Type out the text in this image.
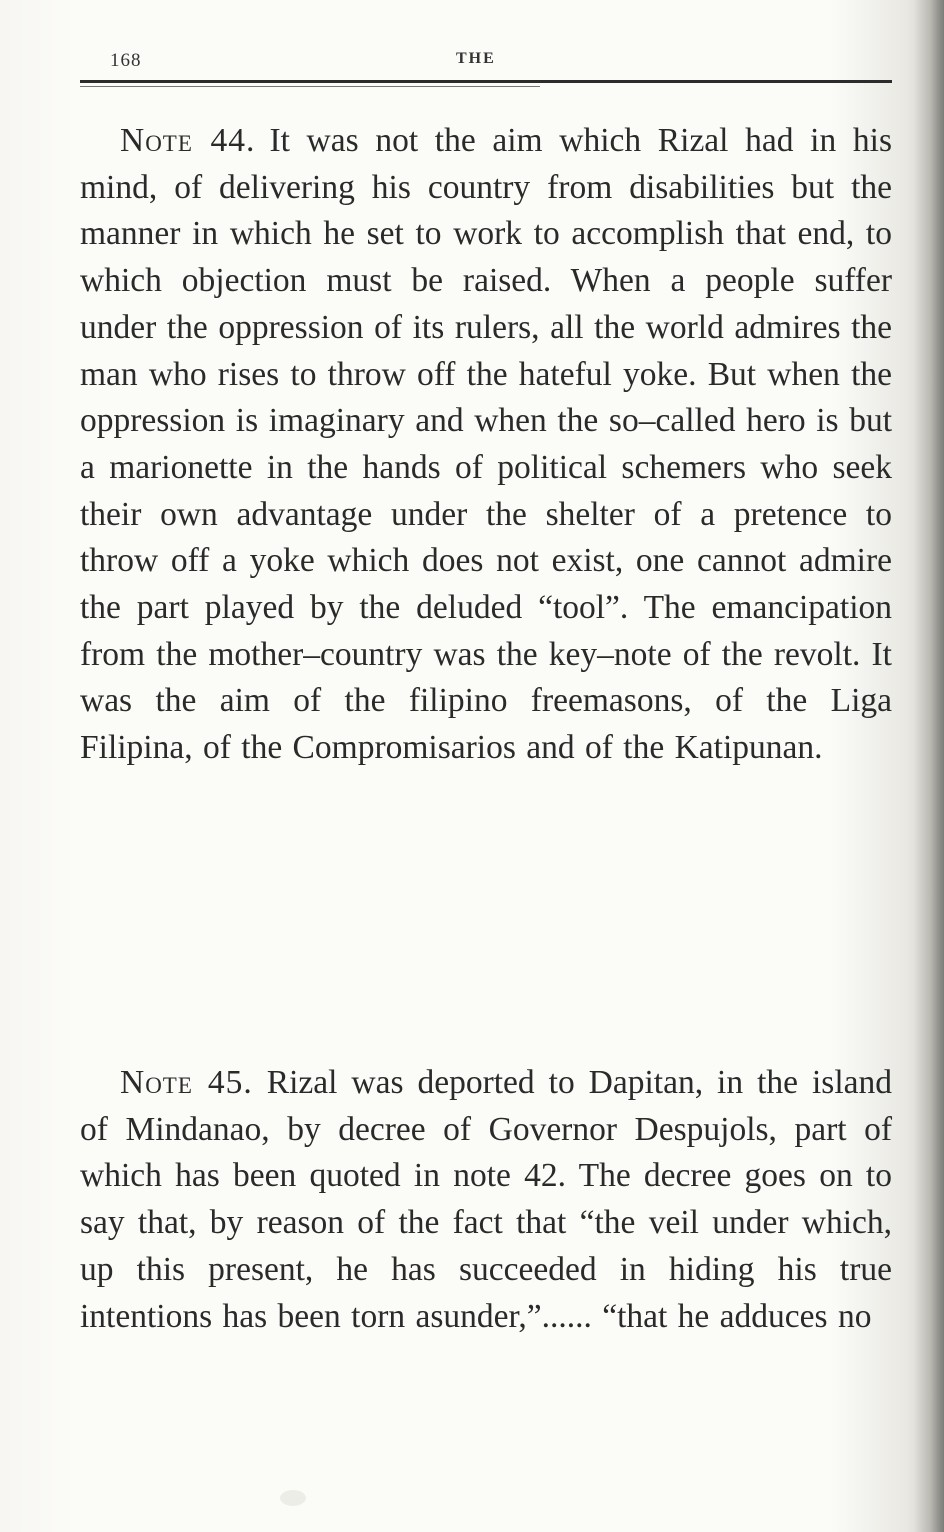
168	THE

Note 44. It was not the aim which Rizal had in his mind, of delivering his country from disabilities but the manner in which he set to work to accomplish that end, to which objection must be raised. When a people suffer under the oppression of its rulers, all the world admires the man who rises to throw off the hateful yoke. But when the oppression is imaginary and when the so–called hero is but a marionette in the hands of political schemers who seek their own advantage under the shelter of a pretence to throw off a yoke which does not exist, one cannot admire the part played by the deluded “tool”. The emancipation from the mother–country was the key–note of the revolt. It was the aim of the filipino freemasons, of the Liga Filipina, of the Compromisarios and of the Katipunan.

Note 45. Rizal was deported to Dapitan, in the island of Mindanao, by decree of Governor Despujols, part of which has been quoted in note 42. The decree goes on to say that, by reason of the fact that “the veil under which, up this present, he has succeeded in hiding his true intentions has been torn asunder,”...... “that he adduces no
